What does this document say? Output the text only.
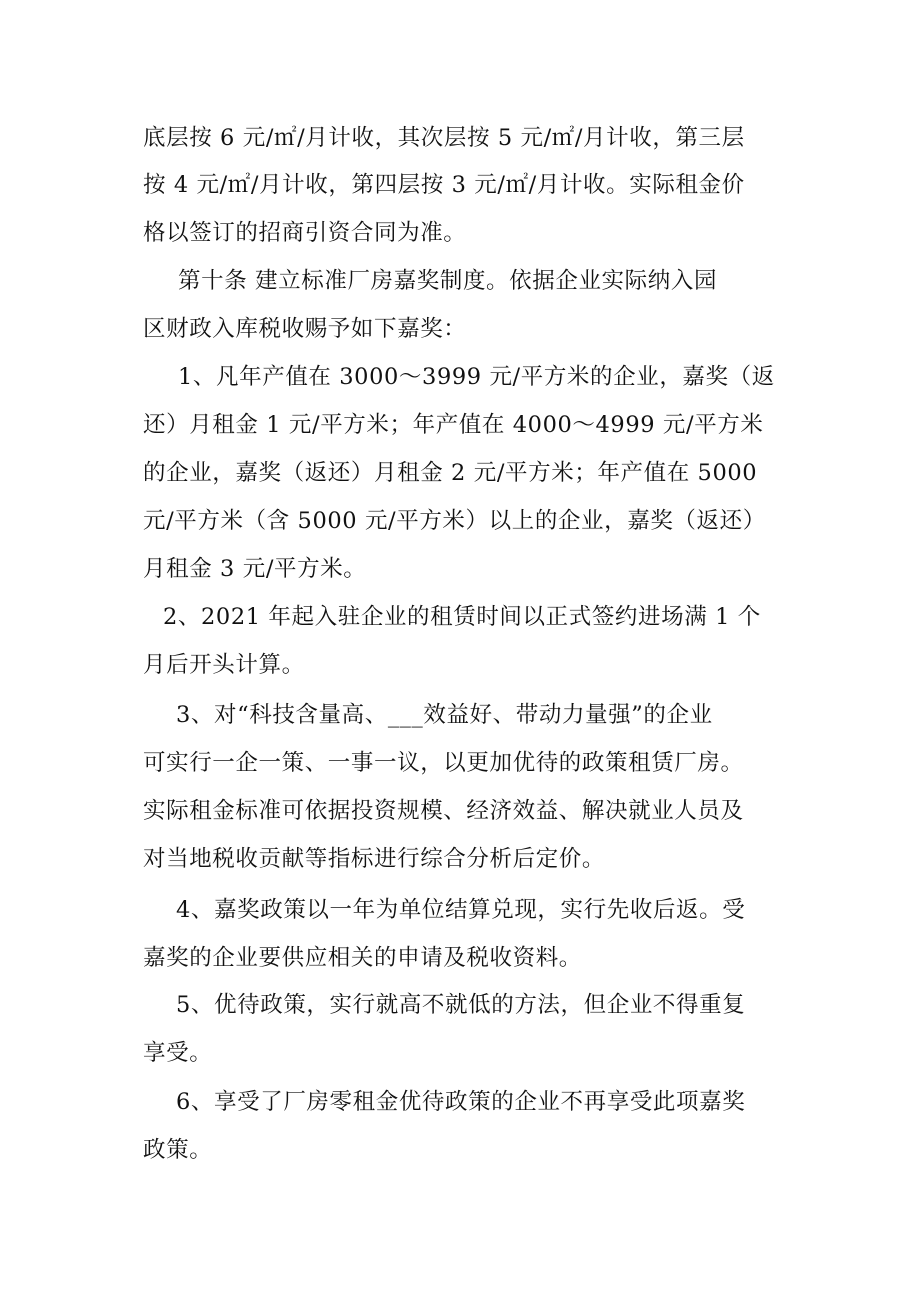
底层按 6 元/㎡/月计收，其次层按 5 元/㎡/月计收，第三层
按 4 元/㎡/月计收，第四层按 3 元/㎡/月计收。实际租金价
格以签订的招商引资合同为准。
第十条 建立标准厂房嘉奖制度。依据企业实际纳入园
区财政入库税收赐予如下嘉奖：
1、凡年产值在 3000～3999 元/平方米的企业，嘉奖（返
还）月租金 1 元/平方米；年产值在 4000～4999 元/平方米
的企业，嘉奖（返还）月租金 2 元/平方米；年产值在 5000
元/平方米（含 5000 元/平方米）以上的企业，嘉奖（返还）
月租金 3 元/平方米。
2、2021 年起入驻企业的租赁时间以正式签约进场满 1 个
月后开头计算。
3、对“科技含量高、___效益好、带动力量强”的企业
可实行一企一策、一事一议，以更加优待的政策租赁厂房。
实际租金标准可依据投资规模、经济效益、解决就业人员及
对当地税收贡献等指标进行综合分析后定价。
4、嘉奖政策以一年为单位结算兑现，实行先收后返。受
嘉奖的企业要供应相关的申请及税收资料。
5、优待政策，实行就高不就低的方法，但企业不得重复
享受。
6、享受了厂房零租金优待政策的企业不再享受此项嘉奖
政策。
